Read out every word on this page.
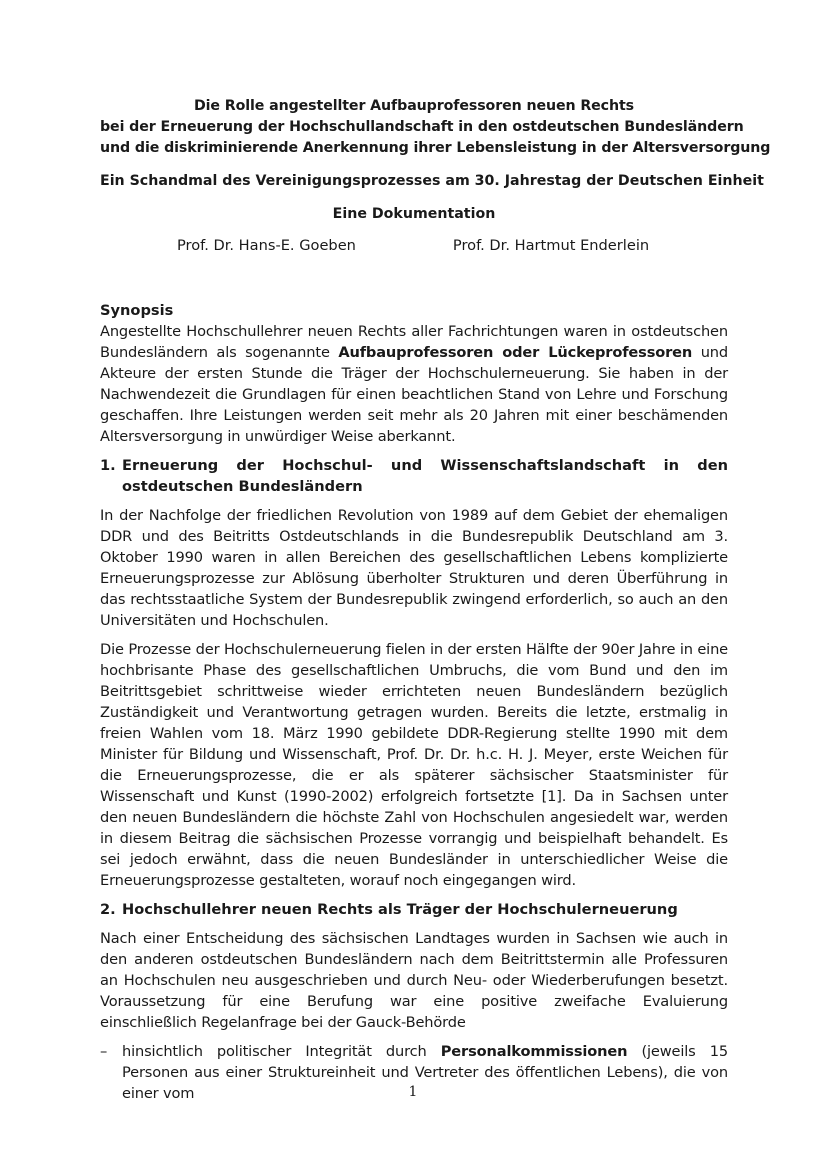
Die Rolle angestellter Aufbauprofessoren neuen Rechts
bei der Erneuerung der Hochschullandschaft in den ostdeutschen Bundesländern
und die diskriminierende Anerkennung ihrer Lebensleistung in der Altersversorgung
Ein Schandmal des Vereinigungsprozesses am 30. Jahrestag der Deutschen Einheit
Eine Dokumentation
Prof. Dr. Hans-E. Goeben	Prof. Dr. Hartmut Enderlein
Synopsis

Angestellte Hochschullehrer neuen Rechts aller Fachrichtungen waren in ostdeutschen Bundesländern als sogenannte Aufbauprofessoren oder Lückeprofessoren und Akteure der ersten Stunde die Träger der Hochschulerneuerung. Sie haben in der Nachwendezeit die Grundlagen für einen beachtlichen Stand von Lehre und Forschung geschaffen. Ihre Leistungen werden seit mehr als 20 Jahren mit einer beschämenden Altersversorgung in unwürdiger Weise aberkannt.

1. Erneuerung der Hochschul- und Wissenschaftslandschaft in den ostdeutschen Bundesländern

In der Nachfolge der friedlichen Revolution von 1989 auf dem Gebiet der ehemaligen DDR und des Beitritts Ostdeutschlands in die Bundesrepublik Deutschland am 3. Oktober 1990 waren in allen Bereichen des gesellschaftlichen Lebens komplizierte Erneuerungsprozesse zur Ablösung überholter Strukturen und deren Überführung in das rechtsstaatliche System der Bundesrepublik zwingend erforderlich, so auch an den Universitäten und Hochschulen.

Die Prozesse der Hochschulerneuerung fielen in der ersten Hälfte der 90er Jahre in eine hochbrisante Phase des gesellschaftlichen Umbruchs, die vom Bund und den im Beitrittsgebiet schrittweise wieder errichteten neuen Bundesländern bezüglich Zuständigkeit und Verantwortung getragen wurden. Bereits die letzte, erstmalig in freien Wahlen vom 18. März 1990 gebildete DDR-Regierung stellte 1990 mit dem Minister für Bildung und Wissenschaft, Prof. Dr. Dr. h.c. H. J. Meyer, erste Weichen für die Erneuerungsprozesse, die er als späterer sächsischer Staatsminister für Wissenschaft und Kunst (1990-2002) erfolgreich fortsetzte [1]. Da in Sachsen unter den neuen Bundesländern die höchste Zahl von Hochschulen angesiedelt war, werden in diesem Beitrag die sächsischen Prozesse vorrangig und beispielhaft behandelt. Es sei jedoch erwähnt, dass die neuen Bundesländer in unterschiedlicher Weise die Erneuerungsprozesse gestalteten, worauf noch eingegangen wird.

2. Hochschullehrer neuen Rechts als Träger der Hochschulerneuerung

Nach einer Entscheidung des sächsischen Landtages wurden in Sachsen wie auch in den anderen ostdeutschen Bundesländern nach dem Beitrittstermin alle Professuren an Hochschulen neu ausgeschrieben und durch Neu- oder Wiederberufungen besetzt. Voraussetzung für eine Berufung war eine positive zweifache Evaluierung einschließlich Regelanfrage bei der Gauck-Behörde

–	hinsichtlich politischer Integrität durch Personalkommissionen (jeweils 15 Personen aus einer Struktureinheit und Vertreter des öffentlichen Lebens), die von einer vom	1
